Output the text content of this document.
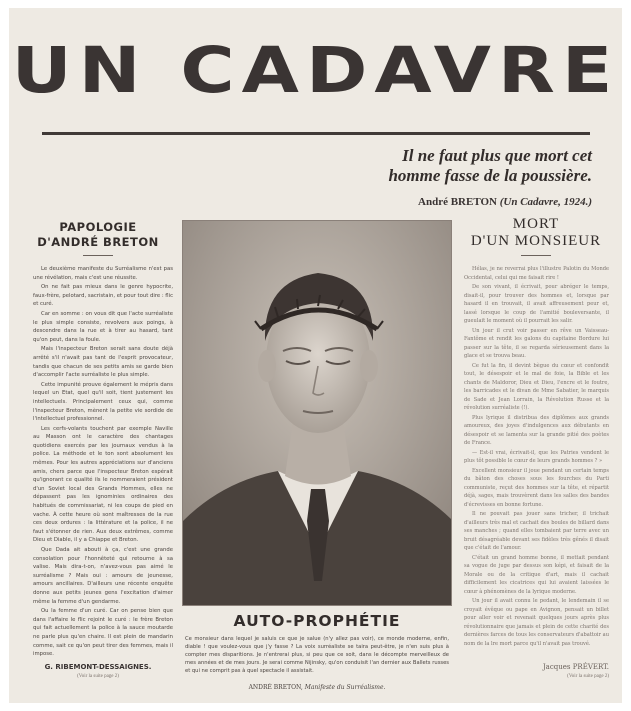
UN CADAVRE
Il ne faut plus que mort cet
homme fasse de la poussière.
André BRETON (Un Cadavre, 1924.)
PAPOLOGIE
D'ANDRÉ BRETON

Le deuxième manifeste du Surréalisme n'est pas une révélation, mais c'est une réussite.

On ne fait pas mieux dans le genre hypocrite, faux-frère, pelotard, sacristain, et pour tout dire : flic et curé.

Car en somme : on vous dit que l'acte surréaliste le plus simple consiste, revolvers aux poings, à descendre dans la rue et à tirer au hasard, tant qu'on peut, dans la foule.

Mais l'inspecteur Breton serait sans doute déjà arrêté s'il n'avait pas tant de l'esprit provocateur, tandis que chacun de ses petits amis se garde bien d'accomplir l'acte surréaliste le plus simple.

Cette impunité prouve également le mépris dans lequel un Etat, quel qu'il soit, tient justement les intellectuels. Principalement ceux qui, comme l'inspecteur Breton, mènent la petite vie sordide de l'intellectuel professionnel.

Les cerfs-volants touchent par exemple Naville au Masson ont le caractère des chantages quotidiens exercés par les journaux vendus à la police. La méthode et le ton sont absolument les mêmes. Pour les autres appréciations sur d'anciens amis, chers parce que l'inspecteur Breton espérait qu'ignorant ce qualité ils le nommeraient président d'un Soviet local des Grands Hommes, elles ne dépassent pas les ignominies ordinaires des habitués de commissariat, ni les coups de pied en vache. À cette heure où sont maîtresses de la rue ces deux ordures : la littérature et la police, il ne faut s'étonner de rien. Aux deux extrêmes, comme Dieu et Diable, il y a Chiappe et Breton.

Que Dada ait abouti à ça, c'est une grande consolation pour l'honnêteté qui retourne à sa valise. Mais dira-t-on, n'avez-vous pas aimé le surréalisme ? Mais oui : amours de jeunesse, amours ancillaires. D'ailleurs une récente enquête donne aux petits jeunes gens l'excitation d'aimer même la femme d'un gendarme.

Ou la femme d'un curé. Car on pense bien que dans l'affaire le flic rejoint le curé : le frère Breton qui fait actuellement la police à la sauce moutarde ne parle plus qu'en chaire. Il est plein de mandarin comme, sait ce qu'on peut tirer des femmes, mais il impose.

G. RIBEMONT-DESSAIGNES.
(Voir la suite page 2)
AUTO-PROPHÉTIE
Ce monsieur dans lequel je saluis ce que je salue (n'y allez pas voir), ce monde moderne, enfin, diable ! que voulez-vous que j'y fasse ? La voix surréaliste se taira peut-être, je n'en suis plus à compter mes disparitions. Je n'entrerai plus, si peu que ce soit, dans le décompte merveilleux de mes années et de mes jours. Je serai comme Nijinsky, qu'on conduisit l'an dernier aux Ballets russes et qui ne comprit pas à quel spectacle il assistait.
ANDRÉ BRETON, Manifeste du Surréalisme.
MORT
D'UN MONSIEUR

Hélas, je ne reverrai plus l'illustre Palotin du Monde Occidental, celui qui me faisait rire !

De son vivant, il écrivait, pour abréger le temps, disait-il, pour trouver des hommes et, lorsque par hasard il en trouvait, il avait affreusement peur et, lassé lorsque le coup de l'amitié bouleversante, il gueulait le moment où il pourrait les salir.

Un jour il crut voir passer en rêve un Vaisseau-Fantôme et rendit les galons du capitaine Bordure lui passer sur la tête, il se regarda sérieusement dans la glace et se trouva beau.

Ce fut la fin, il devint bègue du cœur et confondit tout, le désespoir et le mal de foie, la Bible et les chants de Maldoror, Dieu et Dieu, l'encre et le foutre, les barricades et le divan de Mme Sabatier, le marquis de Sade et Jean Lorrain, la Révolution Russe et la révolution surréaliste (!).

Plus lyrique il distribua des diplômes aux grands amoureux, des joyes d'indulgences aux débutants en désespoir et se lamenta sur la grande pitié des poètes de France.

— Est-il vrai, écrivait-il, que les Patries vendent le plus tôt possible le cœur de leurs grands hommes ? »

Excellent monsieur il joue pendant un certain temps du bâton des choses sous les fourches du Parti communiste, reçut des hommes sur la tête, et répartit déjà, sages, mais trouvèrent dans les salles des bandes d'écrevisses en bonne fortune.

Il ne pouvait pas jouer sans tricher, il trichait d'ailleurs très mal et cachait des boules de billard dans ses manches ; quand elles tombaient par terre avec un bruit désagréable devant ses fidèles très gênés il disait que c'était de l'amour.

C'était un grand homme bonne, il mettait pendant sa vogue de juge par dessus son képi, et faisait de la Morale ou de la critique d'art, mais il cachait difficilement les cicatrices qui lui avaient laissées le cœur à phénomènes de la lyrique moderne.

Un jour il avait connu le pedant, le lendemain il se croyait évêque ou pape en Avignon, pensait un billet pour aller voir et revenait quelques jours après plus révolutionnaire que jamais et plein de cette charité des dernières farces de tous les conservateurs d'abattoir au nom de la lre mort parce qu'il n'avait pas trouvé.

Jacques PRÉVERT.
(Voir la suite page 2)
